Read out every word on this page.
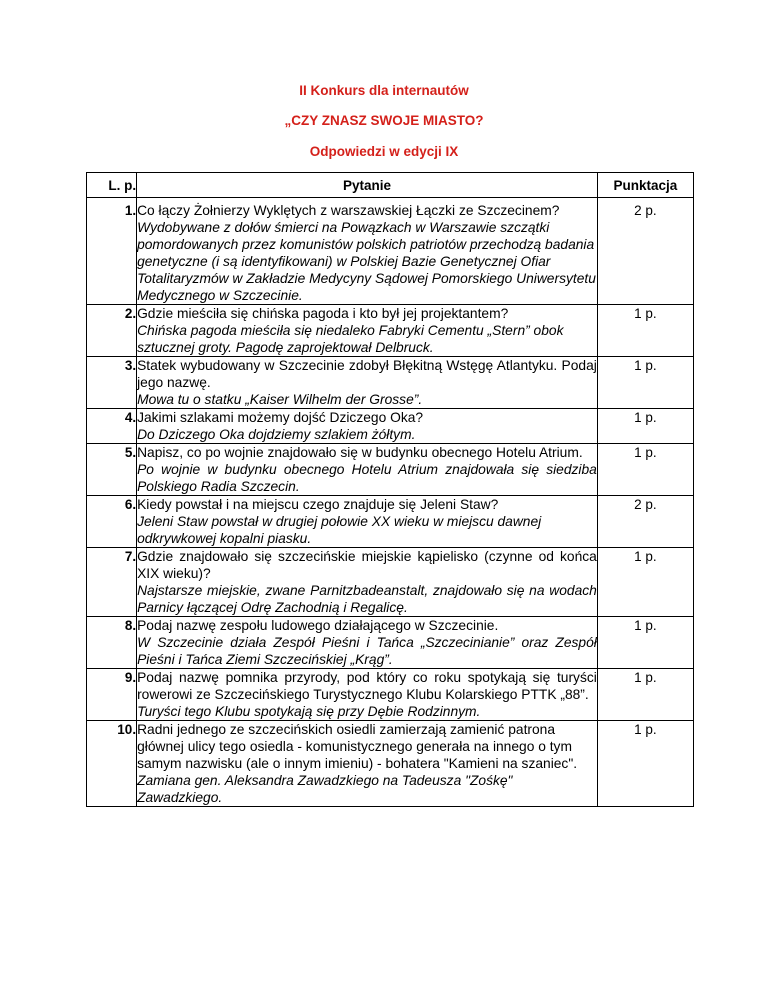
II Konkurs dla internautów
„CZY ZNASZ SWOJE MIASTO?
Odpowiedzi w edycji IX
L. p.	Pytanie	Punktacja
1.	Co łączy Żołnierzy Wyklętych z warszawskiej Łączki ze Szczecinem?
Wydobywane z dołów śmierci na Powązkach w Warszawie szczątki pomordowanych przez komunistów polskich patriotów przechodzą badania genetyczne (i są identyfikowani) w Polskiej Bazie Genetycznej Ofiar Totalitaryzmów w Zakładzie Medycyny Sądowej Pomorskiego Uniwersytetu Medycznego w Szczecinie.	2 p.
2.	Gdzie mieściła się chińska pagoda i kto był jej projektantem?
Chińska pagoda mieściła się niedaleko Fabryki Cementu „Stern” obok sztucznej groty. Pagodę zaprojektował Delbruck.	1 p.
3.	Statek wybudowany w Szczecinie zdobył Błękitną Wstęgę Atlantyku. Podaj jego nazwę.
Mowa tu o statku „Kaiser Wilhelm der Grosse”.	1 p.
4.	Jakimi szlakami możemy dojść Dziczego Oka?
Do Dziczego Oka dojdziemy szlakiem żółtym.	1 p.
5.	Napisz, co po wojnie znajdowało się w budynku obecnego Hotelu Atrium.
Po wojnie w budynku obecnego Hotelu Atrium znajdowała się siedziba Polskiego Radia Szczecin.	1 p.
6.	Kiedy powstał i na miejscu czego znajduje się Jeleni Staw?
Jeleni Staw powstał w drugiej połowie XX wieku w miejscu dawnej odkrywkowej kopalni piasku.	2 p.
7.	Gdzie znajdowało się szczecińskie miejskie kąpielisko (czynne od końca XIX wieku)?
Najstarsze miejskie, zwane Parnitzbadeanstalt, znajdowało się na wodach Parnicy łączącej Odrę Zachodnią i Regalicę.	1 p.
8.	Podaj nazwę zespołu ludowego działającego w Szczecinie.
W Szczecinie działa Zespół Pieśni i Tańca „Szczecinianie” oraz Zespół Pieśni i Tańca Ziemi Szczecińskiej „Krąg”.	1 p.
9.	Podaj nazwę pomnika przyrody, pod który co roku spotykają się turyści rowerowi ze Szczecińskiego Turystycznego Klubu Kolarskiego PTTK „88”.
Turyści tego Klubu spotykają się przy Dębie Rodzinnym.	1 p.
10.	Radni jednego ze szczecińskich osiedli zamierzają zamienić patrona głównej ulicy tego osiedla - komunistycznego generała na innego o tym samym nazwisku (ale o innym imieniu) - bohatera "Kamieni na szaniec".
Zamiana gen. Aleksandra Zawadzkiego na Tadeusza "Zośkę" Zawadzkiego.	1 p.
